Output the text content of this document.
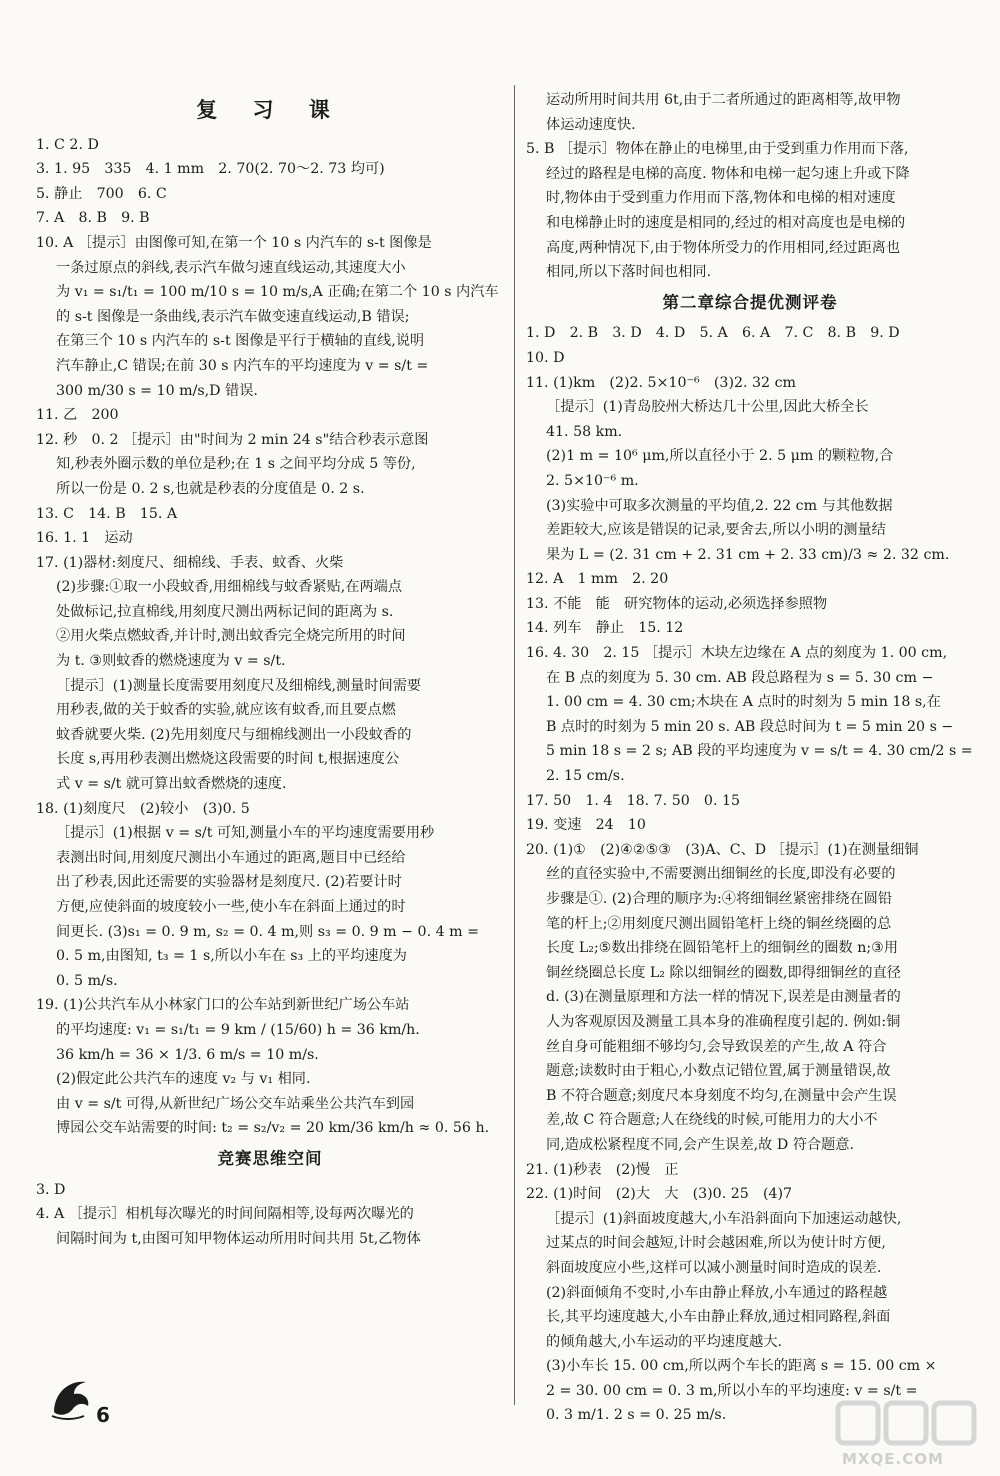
复 习 课
1. C 2. D
3. 1. 95　335　4. 1 mm　2. 70(2. 70～2. 73 均可)
5. 静止　700　6. C
7. A　8. B　9. B
10. A ［提示］由图像可知,在第一个 10 s 内汽车的 s-t 图像是
一条过原点的斜线,表示汽车做匀速直线运动,其速度大小
为 v₁ = s₁/t₁ = 100 m/10 s = 10 m/s,A 正确;在第二个 10 s 内汽车
的 s-t 图像是一条曲线,表示汽车做变速直线运动,B 错误;
在第三个 10 s 内汽车的 s-t 图像是平行于横轴的直线,说明
汽车静止,C 错误;在前 30 s 内汽车的平均速度为 v = s/t =
300 m/30 s = 10 m/s,D 错误.
11. 乙　200
12. 秒　0. 2 ［提示］由"时间为 2 min 24 s"结合秒表示意图
知,秒表外圈示数的单位是秒;在 1 s 之间平均分成 5 等份,
所以一份是 0. 2 s,也就是秒表的分度值是 0. 2 s.
13. C　14. B　15. A
16. 1. 1　运动
17. (1)器材:刻度尺、细棉线、手表、蚊香、火柴
(2)步骤:①取一小段蚊香,用细棉线与蚊香紧贴,在两端点
处做标记,拉直棉线,用刻度尺测出两标记间的距离为 s.
②用火柴点燃蚊香,并计时,测出蚊香完全烧完所用的时间
为 t. ③则蚊香的燃烧速度为 v = s/t.
［提示］(1)测量长度需要用刻度尺及细棉线,测量时间需要
用秒表,做的关于蚊香的实验,就应该有蚊香,而且要点燃
蚊香就要火柴. (2)先用刻度尺与细棉线测出一小段蚊香的
长度 s,再用秒表测出燃烧这段需要的时间 t,根据速度公
式 v = s/t 就可算出蚊香燃烧的速度.
18. (1)刻度尺　(2)较小　(3)0. 5
［提示］(1)根据 v = s/t 可知,测量小车的平均速度需要用秒
表测出时间,用刻度尺测出小车通过的距离,题目中已经给
出了秒表,因此还需要的实验器材是刻度尺. (2)若要计时
方便,应使斜面的坡度较小一些,使小车在斜面上通过的时
间更长. (3)s₁ = 0. 9 m, s₂ = 0. 4 m,则 s₃ = 0. 9 m − 0. 4 m =
0. 5 m,由图知, t₃ = 1 s,所以小车在 s₃ 上的平均速度为
0. 5 m/s.
19. (1)公共汽车从小林家门口的公车站到新世纪广场公车站
的平均速度: v₁ = s₁/t₁ = 9 km / (15/60) h = 36 km/h.
36 km/h = 36 × 1/3. 6 m/s = 10 m/s.
(2)假定此公共汽车的速度 v₂ 与 v₁ 相同.
由 v = s/t 可得,从新世纪广场公交车站乘坐公共汽车到园
博园公交车站需要的时间: t₂ = s₂/v₂ = 20 km/36 km/h ≈ 0. 56 h.
竞赛思维空间
3. D
4. A ［提示］相机每次曝光的时间间隔相等,设每两次曝光的
间隔时间为 t,由图可知甲物体运动所用时间共用 5t,乙物体
运动所用时间共用 6t,由于二者所通过的距离相等,故甲物
体运动速度快.
5. B ［提示］物体在静止的电梯里,由于受到重力作用而下落,
经过的路程是电梯的高度. 物体和电梯一起匀速上升或下降
时,物体由于受到重力作用而下落,物体和电梯的相对速度
和电梯静止时的速度是相同的,经过的相对高度也是电梯的
高度,两种情况下,由于物体所受力的作用相同,经过距离也
相同,所以下落时间也相同.
第二章综合提优测评卷
1. D　2. B　3. D　4. D　5. A　6. A　7. C　8. B　9. D
10. D
11. (1)km　(2)2. 5×10⁻⁶　(3)2. 32 cm
［提示］(1)青岛胶州大桥达几十公里,因此大桥全长
41. 58 km.
(2)1 m = 10⁶ μm,所以直径小于 2. 5 μm 的颗粒物,合
2. 5×10⁻⁶ m.
(3)实验中可取多次测量的平均值,2. 22 cm 与其他数据
差距较大,应该是错误的记录,要舍去,所以小明的测量结
果为 L = (2. 31 cm + 2. 31 cm + 2. 33 cm)/3 ≈ 2. 32 cm.
12. A　1 mm　2. 20
13. 不能　能　研究物体的运动,必须选择参照物
14. 列车　静止　15. 12
16. 4. 30　2. 15 ［提示］木块左边缘在 A 点的刻度为 1. 00 cm,
在 B 点的刻度为 5. 30 cm. AB 段总路程为 s = 5. 30 cm −
1. 00 cm = 4. 30 cm;木块在 A 点时的时刻为 5 min 18 s,在
B 点时的时刻为 5 min 20 s. AB 段总时间为 t = 5 min 20 s −
5 min 18 s = 2 s; AB 段的平均速度为 v = s/t = 4. 30 cm/2 s =
2. 15 cm/s.
17. 50　1. 4　18. 7. 50　0. 15
19. 变速　24　10
20. (1)①　(2)④②⑤③　(3)A、C、D ［提示］(1)在测量细铜
丝的直径实验中,不需要测出细铜丝的长度,即没有必要的
步骤是①. (2)合理的顺序为:④将细铜丝紧密排绕在圆铅
笔的杆上;②用刻度尺测出圆铅笔杆上绕的铜丝绕圈的总
长度 L₂;⑤数出排绕在圆铅笔杆上的细铜丝的圈数 n;③用
铜丝绕圈总长度 L₂ 除以细铜丝的圈数,即得细铜丝的直径
d. (3)在测量原理和方法一样的情况下,误差是由测量者的
人为客观原因及测量工具本身的准确程度引起的. 例如:铜
丝自身可能粗细不够均匀,会导致误差的产生,故 A 符合
题意;读数时由于粗心,小数点记错位置,属于测量错误,故
B 不符合题意;刻度尺本身刻度不均匀,在测量中会产生误
差,故 C 符合题意;人在绕线的时候,可能用力的大小不
同,造成松紧程度不同,会产生误差,故 D 符合题意.
21. (1)秒表　(2)慢　正
22. (1)时间　(2)大　大　(3)0. 25　(4)7
［提示］(1)斜面坡度越大,小车沿斜面向下加速运动越快,
过某点的时间会越短,计时会越困难,所以为使计时方便,
斜面坡度应小些,这样可以减小测量时间时造成的误差.
(2)斜面倾角不变时,小车由静止释放,小车通过的路程越
长,其平均速度越大,小车由静止释放,通过相同路程,斜面
的倾角越大,小车运动的平均速度越大.
(3)小车长 15. 00 cm,所以两个车长的距离 s = 15. 00 cm ×
2 = 30. 00 cm = 0. 3 m,所以小车的平均速度: v = s/t =
0. 3 m/1. 2 s = 0. 25 m/s.
6
MXQE.COM
